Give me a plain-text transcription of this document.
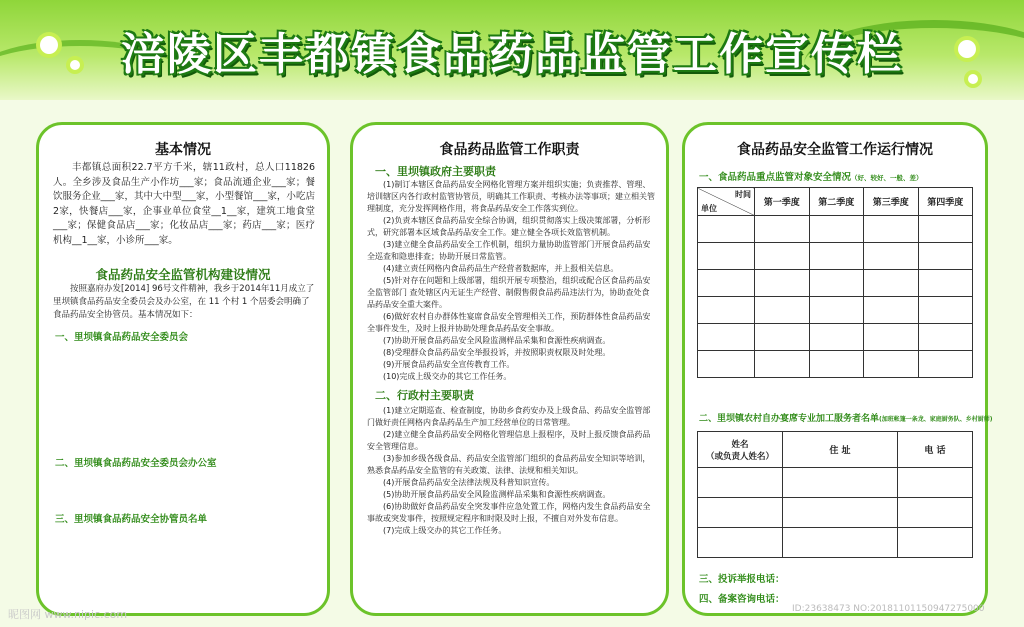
涪陵区丰都镇食品药品监管工作宣传栏
基本情况
丰都镇总面积22.7平方千米，辖11政村，总人口11826人。全乡涉及食品生产小作坊___家；食品流通企业___家；餐饮服务企业___家，其中大中型___家，小型餐馆___家，小吃店2家，快餐店___家，企事业单位食堂__1__家，建筑工地食堂___家；保健食品店___家；化妆品店___家；药店___家；医疗机构__1__家，小诊所___家。
食品药品安全监管机构建设情况
按照嘉府办发[2014] 96号文件精神，我乡于2014年11月成立了里坝镇食品药品安全委员会及办公室，在 11 个村 1 个居委会明确了食品药品安全协管员。基本情况如下：
一、里坝镇食品药品安全委员会
二、里坝镇食品药品安全委员会办公室
三、里坝镇食品药品安全协管员名单
食品药品监管工作职责
一、里坝镇政府主要职责
(1)制订本辖区食品药品安全网格化管理方案并组织实施；负责推荐、管理、培训辖区内各行政村监管协管员，明确其工作职责、考核办法等事项；建立相关管理制度，充分发挥网格作用，将食品药品安全工作落实到位。
(2)负责本辖区食品药品安全综合协调，组织贯彻落实上级决策部署，分析形式，研究部署本区域食品药品安全工作。建立健全各项长效监管机制。
(3)建立健全食品药品安全工作机制，组织力量协助监管部门开展食品药品安全巡查和隐患排查；协助开展日常监管。
(4)建立责任网格内食品药品生产经营者数据库，并上报相关信息。
(5)针对存在问题和上级部署，组织开展专项整治，组织或配合区食品药品安全监管部门 查处辖区内无证生产经营、制假售假食品药品违法行为，协助查处食品药品安全重大案件。
(6)做好农村自办群体性宴席食品安全管理相关工作，预防群体性食品药品安全事件发生，及时上报并协助处理食品药品安全事故。
(7)协助开展食品药品安全风险监测样品采集和食源性疾病调查。
(8)受理群众食品药品安全举报投诉，并按照职责权限及时处理。
(9)开展食品药品安全宣传教育工作。
(10)完成上级交办的其它工作任务。
二、行政村主要职责
(1)建立定期巡查、检查制度，协助乡食药安办及上级食品、药品安全监管部门做好责任网格内食品药品生产加工经营单位的日常管理。
(2)建立健全食品药品安全网格化管理信息上报程序，及时上报反馈食品药品安全管理信息。
(3)参加乡级各级食品、药品安全监管部门组织的食品药品安全知识等培训，熟悉食品药品安全监管的有关政策、法律、法规和相关知识。
(4)开展食品药品安全法律法规及科普知识宣传。
(5)协助开展食品药品安全风险监测样品采集和食源性疾病调查。
(6)协助做好食品药品安全突发事件应急处置工作，网格内发生食品药品安全事故或突发事件，按照规定程序和时限及时上报，不擅自对外发布信息。
(7)完成上级交办的其它工作任务。
食品药品安全监管工作运行情况
一、食品药品重点监管对象安全情况（好、较好、一般、差）
时间
单位	第一季度	第二季度	第三季度	第四季度

二、里坝镇农村自办宴席专业加工服务者名单(加班帐篷一条龙、家庭厨务队、乡村厨师)
姓名
（或负责人姓名）	住 址	电 话

三、投诉举报电话：
四、备案咨询电话：
昵图网 www.nipic.com	ID:23638473 NO:20181101150947275000
